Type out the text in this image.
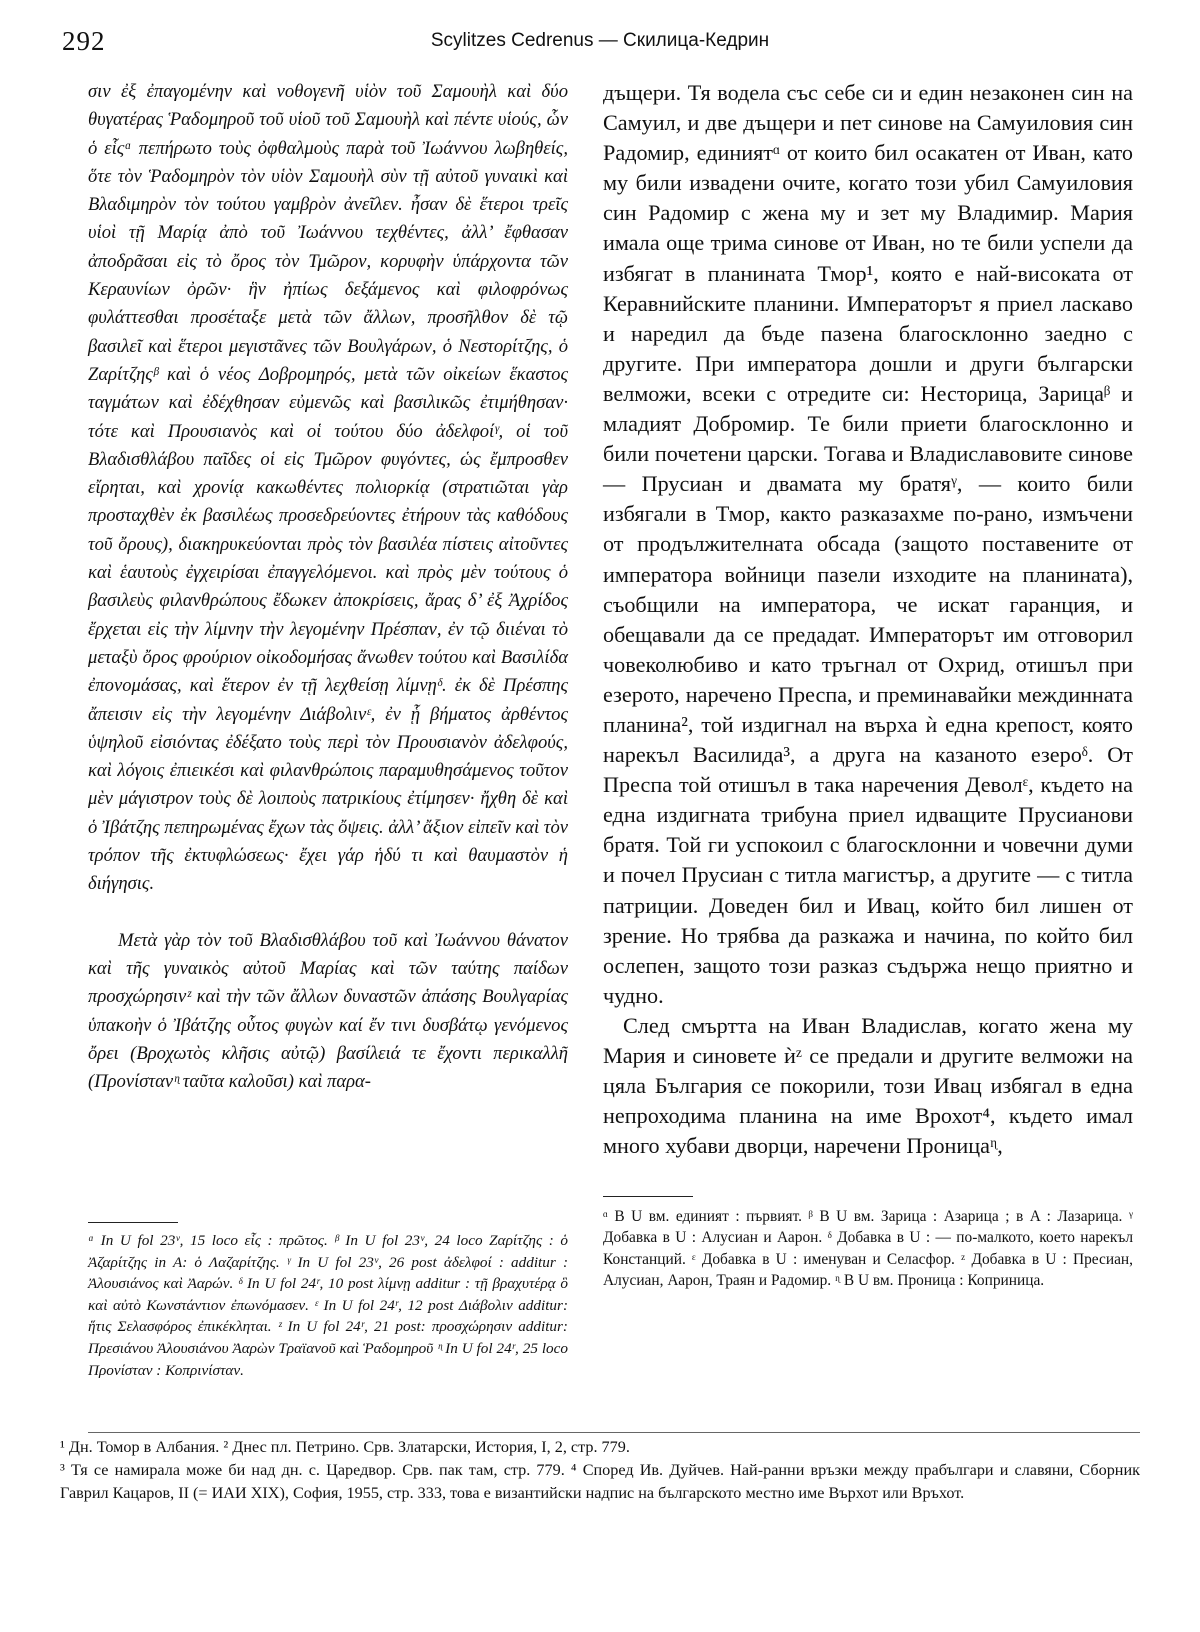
292	Scylitzes Cedrenus — Скилица-Кедрин

σιν ἐξ ἐπαγομένην καὶ νοθογενῆ υἱὸν τοῦ Σαμουὴλ καὶ δύο θυγατέρας Ῥαδομηροῦ τοῦ υἱοῦ τοῦ Σαμουὴλ καὶ πέντε υἱούς, ὧν ὁ εἷςᵅ πεπήρωτο τοὺς ὀφθαλμοὺς παρὰ τοῦ Ἰωάννου λωβηθείς, ὅτε τὸν Ῥαδομηρὸν τὸν υἱὸν Σαμουὴλ σὺν τῇ αὐτοῦ γυναικὶ καὶ Βλαδιμηρὸν τὸν τούτου γαμβρὸν ἀνεῖλεν. ἦσαν δὲ ἕτεροι τρεῖς υἱοὶ τῇ Μαρίᾳ ἀπὸ τοῦ Ἰωάννου τεχθέντες, ἀλλ’ ἔφθασαν ἀποδρᾶσαι εἰς τὸ ὄρος τὸν Τμῶρον, κορυφὴν ὑπάρχοντα τῶν Κεραυνίων ὀρῶν· ἣν ἠπίως δεξάμενος καὶ φιλοφρόνως φυλάττεσθαι προσέταξε μετὰ τῶν ἄλλων, προσῆλθον δὲ τῷ βασιλεῖ καὶ ἕτεροι μεγιστᾶνες τῶν Βουλγάρων, ὁ Νεστορίτζης, ὁ Ζαρίτζηςᵝ καὶ ὁ νέος Δοβρομηρός, μετὰ τῶν οἰκείων ἕκαστος ταγμάτων καὶ ἐδέχθησαν εὐμενῶς καὶ βασιλικῶς ἐτιμήθησαν· τότε καὶ Προυσιανὸς καὶ οἱ τούτου δύο ἀδελφοίᵞ, οἱ τοῦ Βλαδισθλάβου παῖδες οἱ εἰς Τμῶρον φυγόντες, ὡς ἔμπροσθεν εἴρηται, καὶ χρονίᾳ κακωθέντες πολιορκίᾳ (στρατιῶται γὰρ προσταχθὲν ἐκ βασιλέως προσεδρεύοντες ἐτήρουν τὰς καθόδους τοῦ ὄρους), διακηρυκεύονται πρὸς τὸν βασιλέα πίστεις αἰτοῦντες καὶ ἑαυτοὺς ἐγχειρίσαι ἐπαγγελόμενοι. καὶ πρὸς μὲν τούτους ὁ βασιλεὺς φιλανθρώπους ἔδωκεν ἀποκρίσεις, ἄρας δ’ ἐξ Ἀχρίδος ἔρχεται εἰς τὴν λίμνην τὴν λεγομένην Πρέσπαν, ἐν τῷ διιέναι τὸ μεταξὺ ὄρος φρούριον οἰκοδομήσας ἄνωθεν τούτου καὶ Βασιλίδα ἐπονομάσας, καὶ ἕτερον ἐν τῇ λεχθείσῃ λίμνῃᵟ. ἐκ δὲ Πρέσπης ἄπεισιν εἰς τὴν λεγομένην Διάβολινᵋ, ἐν ᾗ βήματος ἀρθέντος ὑψηλοῦ εἰσιόντας ἐδέξατο τοὺς περὶ τὸν Προυσιανὸν ἀδελφούς, καὶ λόγοις ἐπιεικέσι καὶ φιλανθρώποις παραμυθησάμενος τοῦτον μὲν μάγιστρον τοὺς δὲ λοιποὺς πατρικίους ἐτίμησεν· ἤχθη δὲ καὶ ὁ Ἰβάτζης πεπηρωμένας ἔχων τὰς ὄψεις. ἀλλ’ ἄξιον εἰπεῖν καὶ τὸν τρόπον τῆς ἐκτυφλώσεως· ἔχει γάρ ἡδύ τι καὶ θαυμαστὸν ἡ διήγησις.

Μετὰ γὰρ τὸν τοῦ Βλαδισθλάβου τοῦ καὶ Ἰωάννου θάνατον καὶ τῆς γυναικὸς αὐτοῦ Μαρίας καὶ τῶν ταύτης παίδων προσχώρησινᶻ καὶ τὴν τῶν ἄλλων δυναστῶν ἁπάσης Βουλγαρίας ὑπακοὴν ὁ Ἰβάτζης οὗτος φυγὼν καί ἔν τινι δυσβάτῳ γενόμενος ὄρει (Βροχωτὸς κλῆσις αὐτῷ) βασίλειά τε ἔχοντι περικαλλῆ (Προνίστανᶯ ταῦτα καλοῦσι) καὶ παρα-

дъщери. Тя водела със себе си и един незаконен син на Самуил, и две дъщери и пет синове на Самуиловия син Радомир, единиятᵅ от които бил осакатен от Иван, като му били извадени очите, когато този убил Самуиловия син Радомир с жена му и зет му Владимир. Мария имала още трима синове от Иван, но те били успели да избягат в планината Тмор¹, която е най-високата от Керавнийските планини. Императорът я приел ласкаво и наредил да бъде пазена благосклонно заедно с другите. При императора дошли и други български велможи, всеки с отредите си: Несторица, Зарицаᵝ и младият Добромир. Те били приети благосклонно и били почетени царски. Тогава и Владиславовите синове — Прусиан и двамата му братяᵞ, — които били избягали в Тмор, както разказахме по-рано, измъчени от продължителната обсада (защото поставените от императора войници пазели изходите на планината), съобщили на императора, че искат гаранция, и обещавали да се предадат. Императорът им отговорил човеколюбиво и като тръгнал от Охрид, отишъл при езерото, наречено Преспа, и преминавайки междинната планина², той издигнал на върха ѝ една крепост, която нарекъл Василида³, а друга на казаното езероᵟ. От Преспа той отишъл в така наречения Деволᵋ, където на една издигната трибуна приел идващите Прусианови братя. Той ги успокоил с благосклонни и човечни думи и почел Прусиан с титла магистър, а другите — с титла патриции. Доведен бил и Ивац, който бил лишен от зрение. Но трябва да разкажа и начина, по който бил ослепен, защото този разказ съдържа нещо приятно и чудно.

След смъртта на Иван Владислав, когато жена му Мария и синовете ѝᶻ се предали и другите велможи на цяла България се покорили, този Ивац избягал в една непроходима планина на име Врохот⁴, където имал много хубави дворци, наречени Проницаᶯ,

ᵅ In U fol 23ᵛ, 15 loco εἷς : πρῶτος. ᵝ In U fol 23ᵛ, 24 loco Ζαρίτζης : ὁ Ἀζαρίτζης in A: ὁ Λαζαρίτζης. ᵞ In U fol 23ᵛ, 26 post ἀδελφοί : additur : Ἀλουσιάνος καὶ Ἀαρών. ᵟ In U fol 24ʳ, 10 post λίμνῃ additur : τῇ βραχυτέρᾳ ὃ καὶ αὐτὸ Κωνστάντιον ἐπωνόμασεν. ᵋ In U fol 24ʳ, 12 post Διάβολιν additur: ἥτις Σελασφόρος ἐπικέκληται. ᶻ In U fol 24ʳ, 21 post: προσχώρησιν additur: Πρεσιάνου Ἀλουσιάνου Ἀαρὼν Τραϊανοῦ καὶ Ῥαδομηροῦ ᶯ In U fol 24ʳ, 25 loco Προνίσταν : Κοπρινίσταν.

ᵅ В U вм. единият : първият. ᵝ В U вм. Зарица : Азарица ; в A : Лазарица. ᵞ Добавка в U : Алусиан и Аарон. ᵟ Добавка в U : — по-малкото, което нарекъл Констанций. ᵋ Добавка в U : именуван и Селасфор. ᶻ Добавка в U : Пресиан, Алусиан, Аарон, Траян и Радомир. ᶯ В U вм. Проница : Коприница.

¹ Дн. Томор в Албания. ² Днес пл. Петрино. Срв. Златарски, История, I, 2, стр. 779.

³ Тя се намирала може би над дн. с. Царедвор. Срв. пак там, стр. 779. ⁴ Според Ив. Дуйчев. Най-ранни връзки между прабългари и славяни, Сборник Гаврил Кацаров, II (= ИАИ XIX), София, 1955, стр. 333, това е византийски надпис на българското местно име Върхот или Връхот.
